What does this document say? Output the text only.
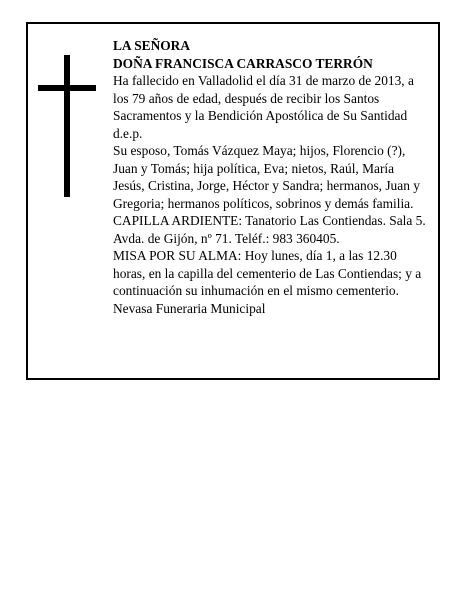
LA SEÑORA

DOÑA FRANCISCA CARRASCO TERRÓN

Ha fallecido en Valladolid el día 31 de marzo de 2013, a los 79 años de edad, después de recibir los Santos Sacramentos y la Bendición Apostólica de Su Santidad d.e.p.

Su esposo, Tomás Vázquez Maya; hijos, Florencio (?), Juan y Tomás; hija política, Eva; nietos, Raúl, María Jesús, Cristina, Jorge, Héctor y Sandra; hermanos, Juan y Gregoria; hermanos políticos, sobrinos y demás familia.

CAPILLA ARDIENTE: Tanatorio Las Contiendas. Sala 5. Avda. de Gijón, nº 71. Teléf.: 983 360405.

MISA POR SU ALMA: Hoy lunes, día 1, a las 12.30 horas, en la capilla del cementerio de Las Contiendas; y a continuación su inhumación en el mismo cementerio.

Nevasa Funeraria Municipal
